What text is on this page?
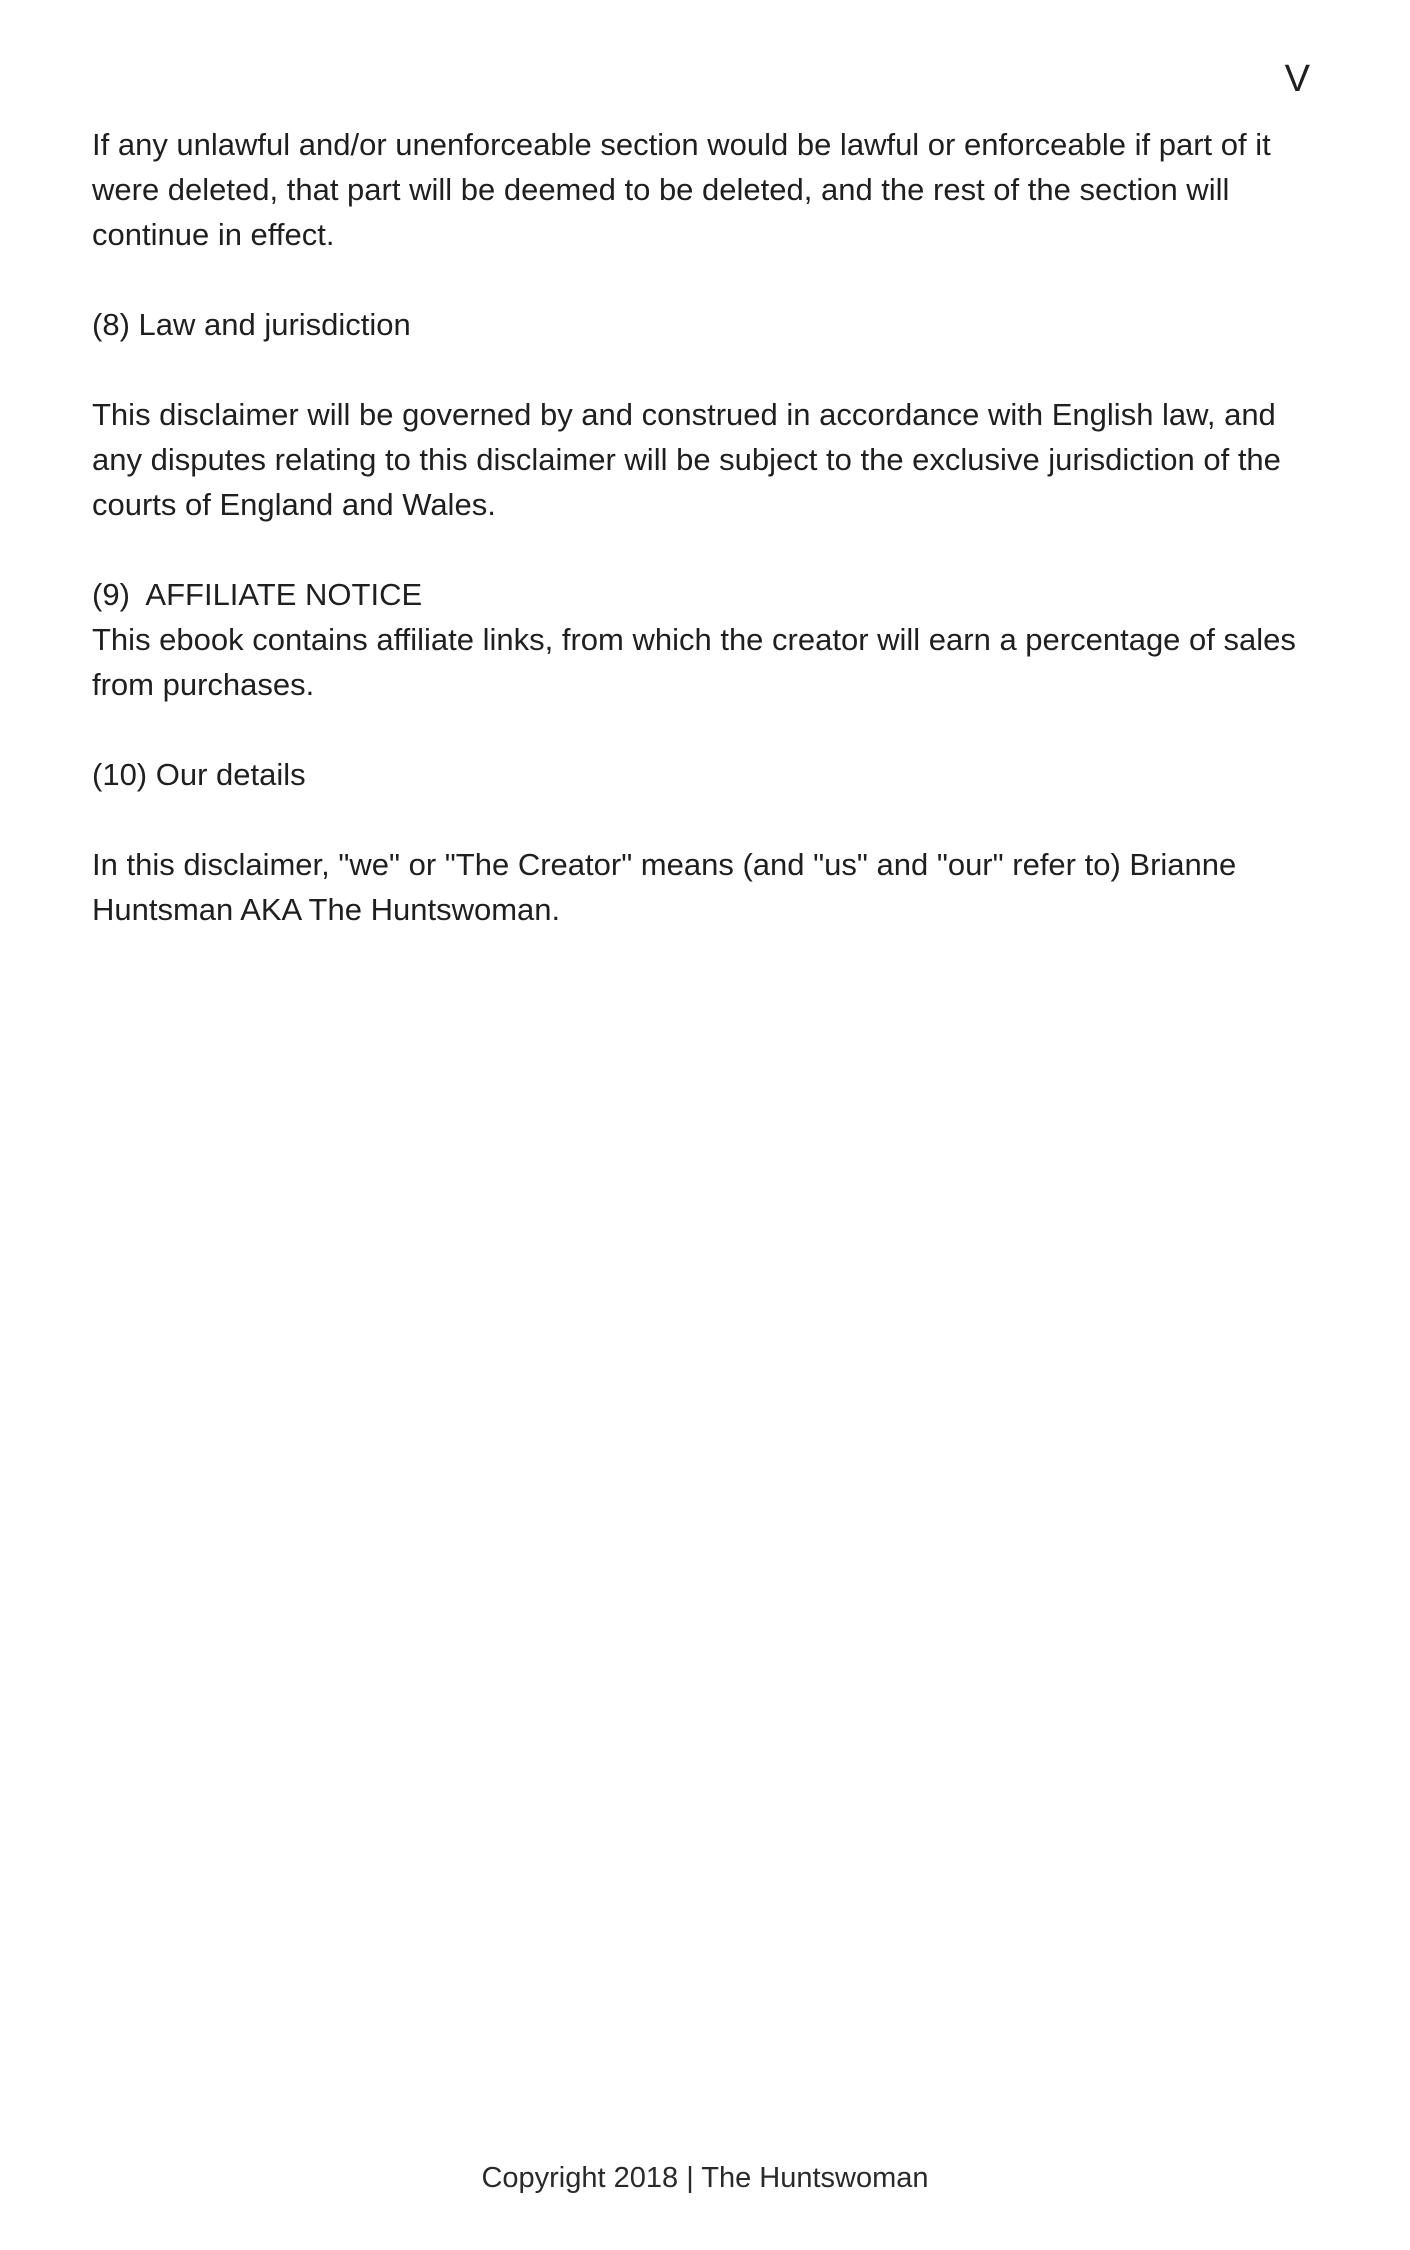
V

If any unlawful and/or unenforceable section would be lawful or enforceable if part of it were deleted, that part will be deemed to be deleted, and the rest of the section will continue in effect.

(8) Law and jurisdiction

This disclaimer will be governed by and construed in accordance with English law, and any disputes relating to this disclaimer will be subject to the exclusive jurisdiction of the courts of England and Wales.

(9)  AFFILIATE NOTICE

This ebook contains affiliate links, from which the creator will earn a percentage of sales from purchases.

(10) Our details

In this disclaimer, "we" or "The Creator" means (and "us" and "our" refer to) Brianne Huntsman AKA The Huntswoman.

Copyright 2018 | The Huntswoman
